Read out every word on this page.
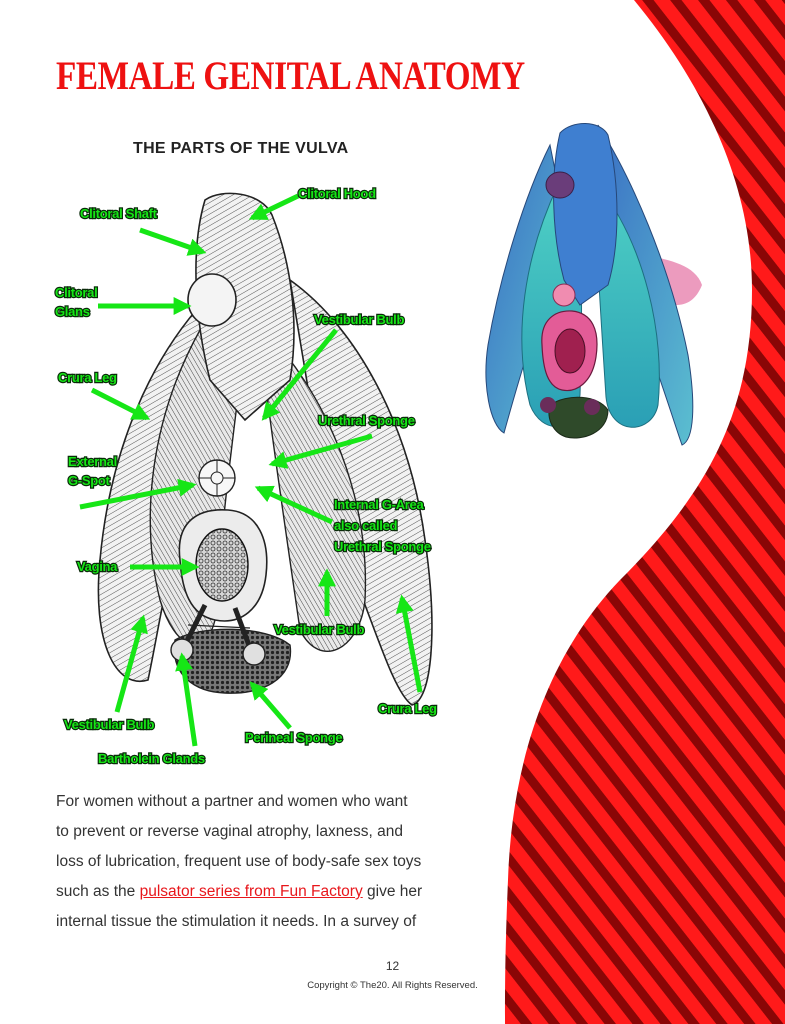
FEMALE GENITAL ANATOMY
THE PARTS OF THE VULVA
Clitoral Hood
Clitoral Shaft
Clitoral
Glans
Vestibular Bulb
Crura Leg
Urethral Sponge
External
G-Spot
Internal G-Area
also called
Urethral Sponge
Vagina
Vestibular Bulb
Crura Leg
Vestibular Bulb
Perineal Sponge
Bartholein Glands

For women without a partner and women who want
to prevent or reverse vaginal atrophy, laxness, and
loss of lubrication, frequent use of body-safe sex toys
such as the pulsator series from Fun Factory give her
internal tissue the stimulation it needs. In a survey of

12
Copyright © The20. All Rights Reserved.
